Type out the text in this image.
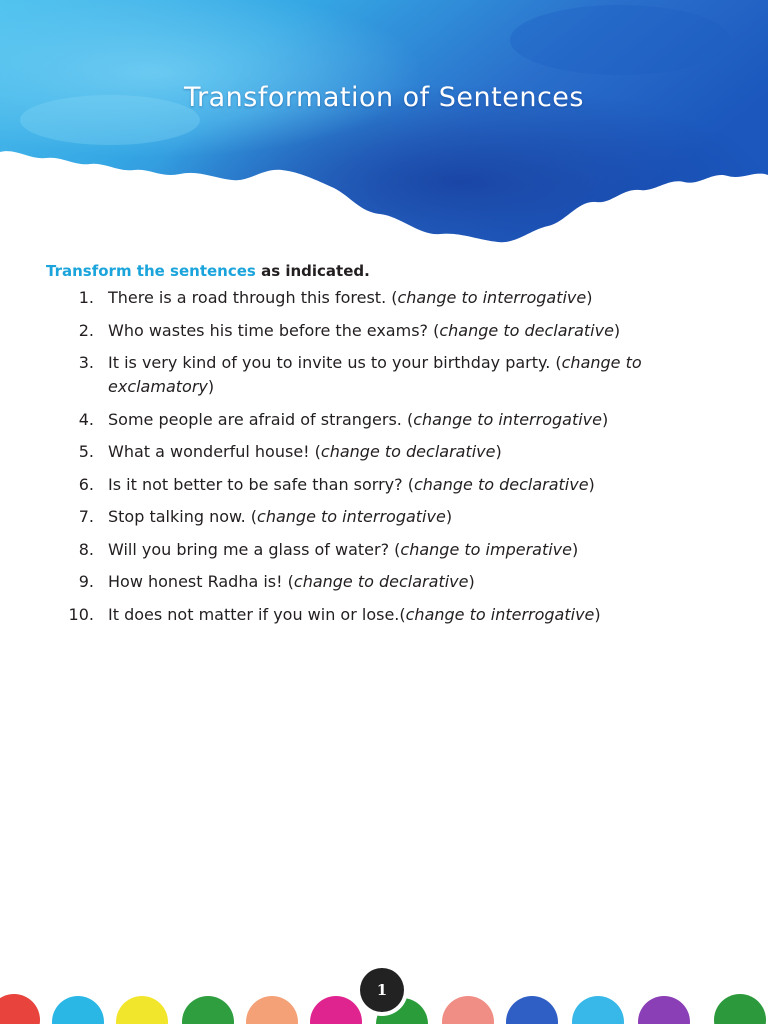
Transformation of Sentences

Transform the sentences as indicated.

1. There is a road through this forest. (change to interrogative)
2. Who wastes his time before the exams? (change to declarative)
3. It is very kind of you to invite us to your birthday party. (change to exclamatory)
4. Some people are afraid of strangers. (change to interrogative)
5. What a wonderful house! (change to declarative)
6. Is it not better to be safe than sorry? (change to declarative)
7. Stop talking now. (change to interrogative)
8. Will you bring me a glass of water? (change to imperative)
9. How honest Radha is! (change to declarative)
10. It does not matter if you win or lose.(change to interrogative)
1
